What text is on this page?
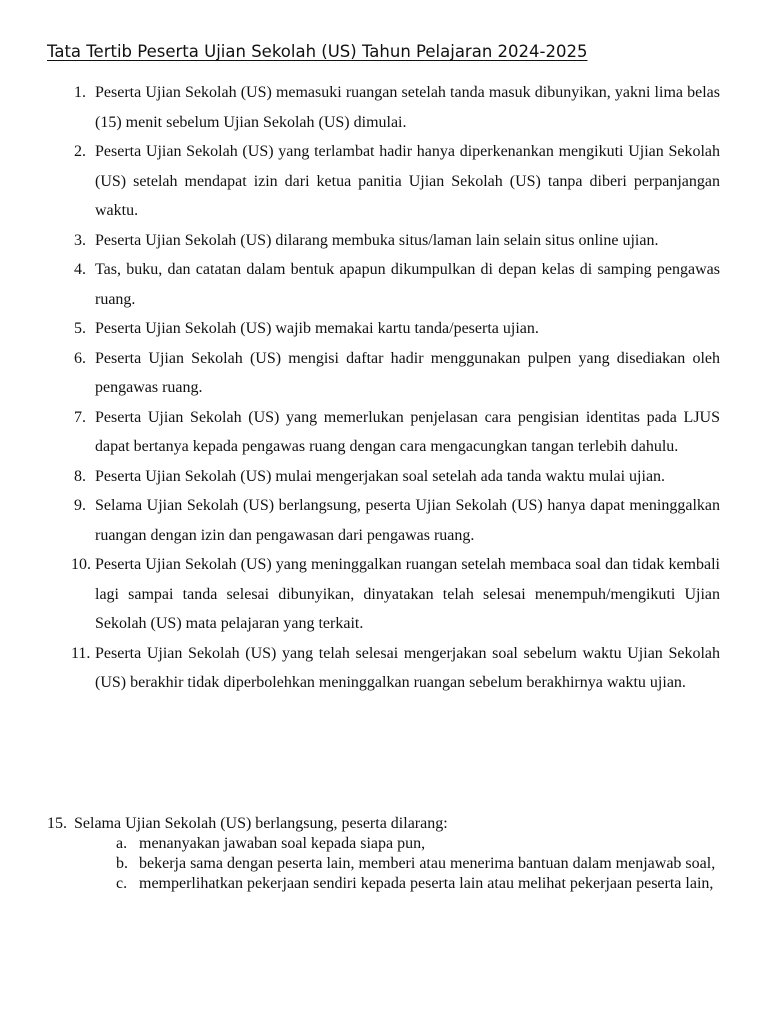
Tata Tertib Peserta Ujian Sekolah (US) Tahun Pelajaran 2024-2025
1. Peserta Ujian Sekolah (US) memasuki ruangan setelah tanda masuk dibunyikan, yakni lima belas (15) menit sebelum Ujian Sekolah (US) dimulai.
2. Peserta Ujian Sekolah (US) yang terlambat hadir hanya diperkenankan mengikuti Ujian Sekolah (US) setelah mendapat izin dari ketua panitia Ujian Sekolah (US) tanpa diberi perpanjangan waktu.
3. Peserta Ujian Sekolah (US) dilarang membuka situs/laman lain selain situs online ujian.
4. Tas, buku, dan catatan dalam bentuk apapun dikumpulkan di depan kelas di samping pengawas ruang.
5. Peserta Ujian Sekolah (US) wajib memakai kartu tanda/peserta ujian.
6. Peserta Ujian Sekolah (US) mengisi daftar hadir menggunakan pulpen yang disediakan oleh pengawas ruang.
7. Peserta Ujian Sekolah (US) yang memerlukan penjelasan cara pengisian identitas pada LJUS dapat bertanya kepada pengawas ruang dengan cara mengacungkan tangan terlebih dahulu.
8. Peserta Ujian Sekolah (US) mulai mengerjakan soal setelah ada tanda waktu mulai ujian.
9. Selama Ujian Sekolah (US) berlangsung, peserta Ujian Sekolah (US) hanya dapat meninggalkan ruangan dengan izin dan pengawasan dari pengawas ruang.
10. Peserta Ujian Sekolah (US) yang meninggalkan ruangan setelah membaca soal dan tidak kembali lagi sampai tanda selesai dibunyikan, dinyatakan telah selesai menempuh/mengikuti Ujian Sekolah (US) mata pelajaran yang terkait.
11. Peserta Ujian Sekolah (US) yang telah selesai mengerjakan soal sebelum waktu Ujian Sekolah (US) berakhir tidak diperbolehkan meninggalkan ruangan sebelum berakhirnya waktu ujian.
15. Selama Ujian Sekolah (US) berlangsung, peserta dilarang:
a. menanyakan jawaban soal kepada siapa pun,
b. bekerja sama dengan peserta lain, memberi atau menerima bantuan dalam menjawab soal,
c. memperlihatkan pekerjaan sendiri kepada peserta lain atau melihat pekerjaan peserta lain,
